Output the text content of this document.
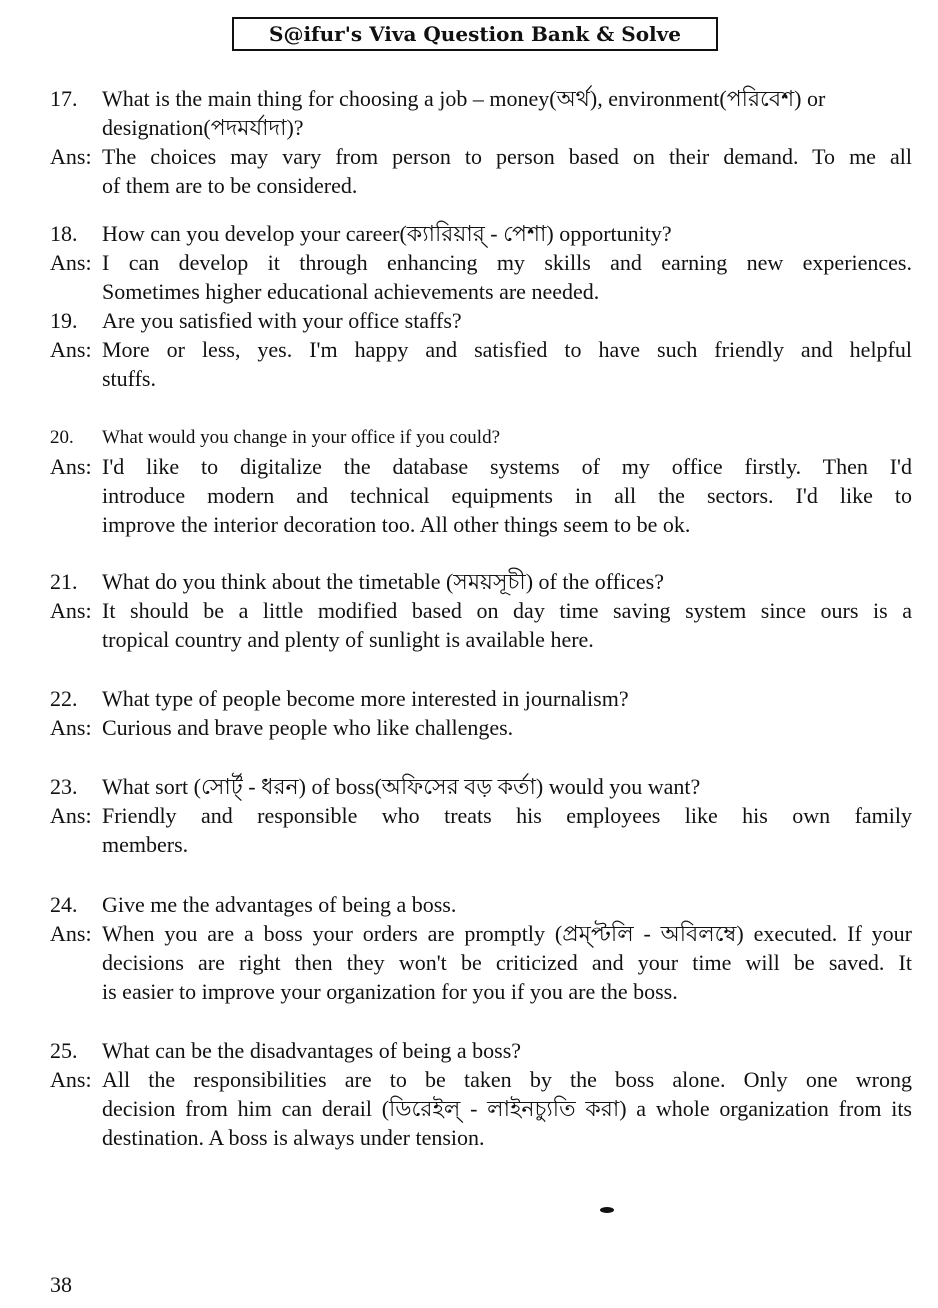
S@ifur's Viva Question Bank & Solve
17. What is the main thing for choosing a job – money(অর্থ), environment(পরিবেশ) or
designation(পদমর্যাদা)?
Ans: The choices may vary from person to person based on their demand. To me all
of them are to be considered.
18. How can you develop your career(ক্যারিয়ার্ - পেশা) opportunity?
Ans: I can develop it through enhancing my skills and earning new experiences.
Sometimes higher educational achievements are needed.
19. Are you satisfied with your office staffs?
Ans: More or less, yes. I'm happy and satisfied to have such friendly and helpful
stuffs.
20. What would you change in your office if you could?
Ans: I'd like to digitalize the database systems of my office firstly. Then I'd
introduce modern and technical equipments in all the sectors. I'd like to
improve the interior decoration too. All other things seem to be ok.
21. What do you think about the timetable (সময়সূচী) of the offices?
Ans: It should be a little modified based on day time saving system since ours is a
tropical country and plenty of sunlight is available here.
22. What type of people become more interested in journalism?
Ans: Curious and brave people who like challenges.
23. What sort (সোর্ট্ - ধরন) of boss(অফিসের বড় কর্তা) would you want?
Ans: Friendly and responsible who treats his employees like his own family
members.
24. Give me the advantages of being a boss.
Ans: When you are a boss your orders are promptly (প্রম্প্টলি - অবিলম্বে) executed. If your
decisions are right then they won't be criticized and your time will be saved. It
is easier to improve your organization for you if you are the boss.
25. What can be the disadvantages of being a boss?
Ans: All the responsibilities are to be taken by the boss alone. Only one wrong
decision from him can derail (ডিরেইল্ - লাইনচ্যুতি করা) a whole organization from its
destination. A boss is always under tension.
38
